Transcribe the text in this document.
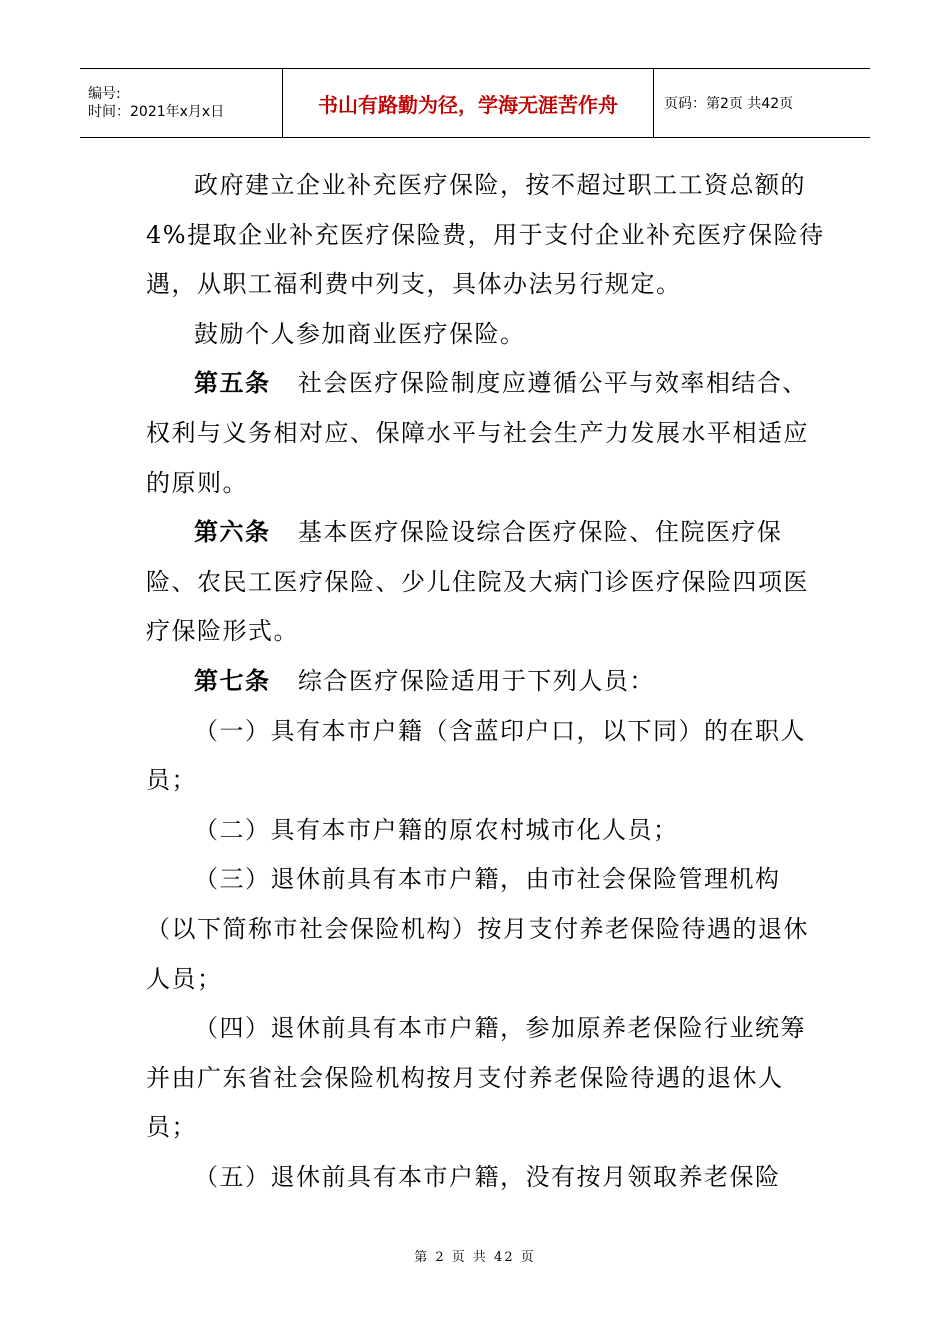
编号:
时间：2021年x月x日	书山有路勤为径，学海无涯苦作舟	页码：第2页 共42页

政府建立企业补充医疗保险，按不超过职工工资总额的4%提取企业补充医疗保险费，用于支付企业补充医疗保险待遇，从职工福利费中列支，具体办法另行规定。

鼓励个人参加商业医疗保险。

第五条   社会医疗保险制度应遵循公平与效率相结合、权利与义务相对应、保障水平与社会生产力发展水平相适应的原则。

第六条   基本医疗保险设综合医疗保险、住院医疗保险、农民工医疗保险、少儿住院及大病门诊医疗保险四项医疗保险形式。

第七条   综合医疗保险适用于下列人员：

（一）具有本市户籍（含蓝印户口，以下同）的在职人员；

（二）具有本市户籍的原农村城市化人员；

（三）退休前具有本市户籍，由市社会保险管理机构（以下简称市社会保险机构）按月支付养老保险待遇的退休人员；

（四）退休前具有本市户籍，参加原养老保险行业统筹并由广东省社会保险机构按月支付养老保险待遇的退休人员；

（五）退休前具有本市户籍，没有按月领取养老保险

第 2 页 共 42 页
